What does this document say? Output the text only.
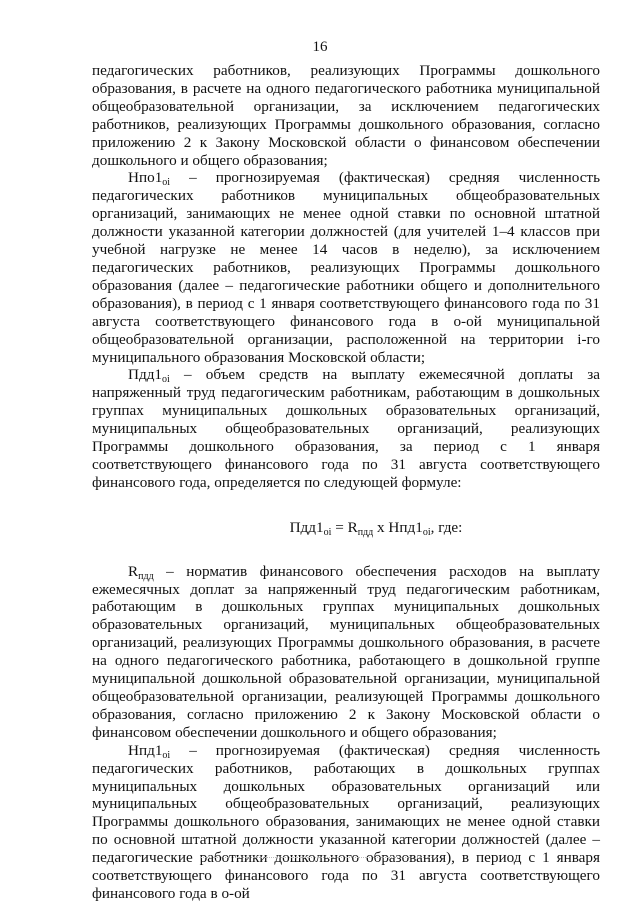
16

педагогических работников, реализующих Программы дошкольного образования, в расчете на одного педагогического работника муниципальной общеобразовательной организации, за исключением педагогических работников, реализующих Программы дошкольного образования, согласно приложению 2 к Закону Московской области о финансовом обеспечении дошкольного и общего образования;

$Нпо1_{оi}$ – прогнозируемая (фактическая) средняя численность педагогических работников муниципальных общеобразовательных организаций, занимающих не менее одной ставки по основной штатной должности указанной категории должностей (для учителей 1–4 классов при учебной нагрузке не менее 14 часов в неделю), за исключением педагогических работников, реализующих Программы дошкольного образования (далее – педагогические работники общего и дополнительного образования), в период с 1 января соответствующего финансового года по 31 августа соответствующего финансового года в о-ой муниципальной общеобразовательной организации, расположенной на территории i-го муниципального образования Московской области;

$Пдд1_{оi}$ – объем средств на выплату ежемесячной доплаты за напряженный труд педагогическим работникам, работающим в дошкольных группах муниципальных дошкольных образовательных организаций, муниципальных общеобразовательных организаций, реализующих Программы дошкольного образования, за период с 1 января соответствующего финансового года по 31 августа соответствующего финансового года, определяется по следующей формуле:

$Пдд1_{оi} = R_{пдд}$ х $Нпд1_{оi}$, где:

$R_{пдд}$ – норматив финансового обеспечения расходов на выплату ежемесячных доплат за напряженный труд педагогическим работникам, работающим в дошкольных группах муниципальных дошкольных образовательных организаций, муниципальных общеобразовательных организаций, реализующих Программы дошкольного образования, в расчете на одного педагогического работника, работающего в дошкольной группе муниципальной дошкольной образовательной организации, муниципальной общеобразовательной организации, реализующей Программы дошкольного образования, согласно приложению 2 к Закону Московской области о финансовом обеспечении дошкольного и общего образования;

$Нпд1_{оi}$ – прогнозируемая (фактическая) средняя численность педагогических работников, работающих в дошкольных группах муниципальных дошкольных образовательных организаций или муниципальных общеобразовательных организаций, реализующих Программы дошкольного образования, занимающих не менее одной ставки по основной штатной должности указанной категории должностей (далее – педагогические работники дошкольного образования), в период с 1 января соответствующего финансового года по 31 августа соответствующего финансового года в о-ой
